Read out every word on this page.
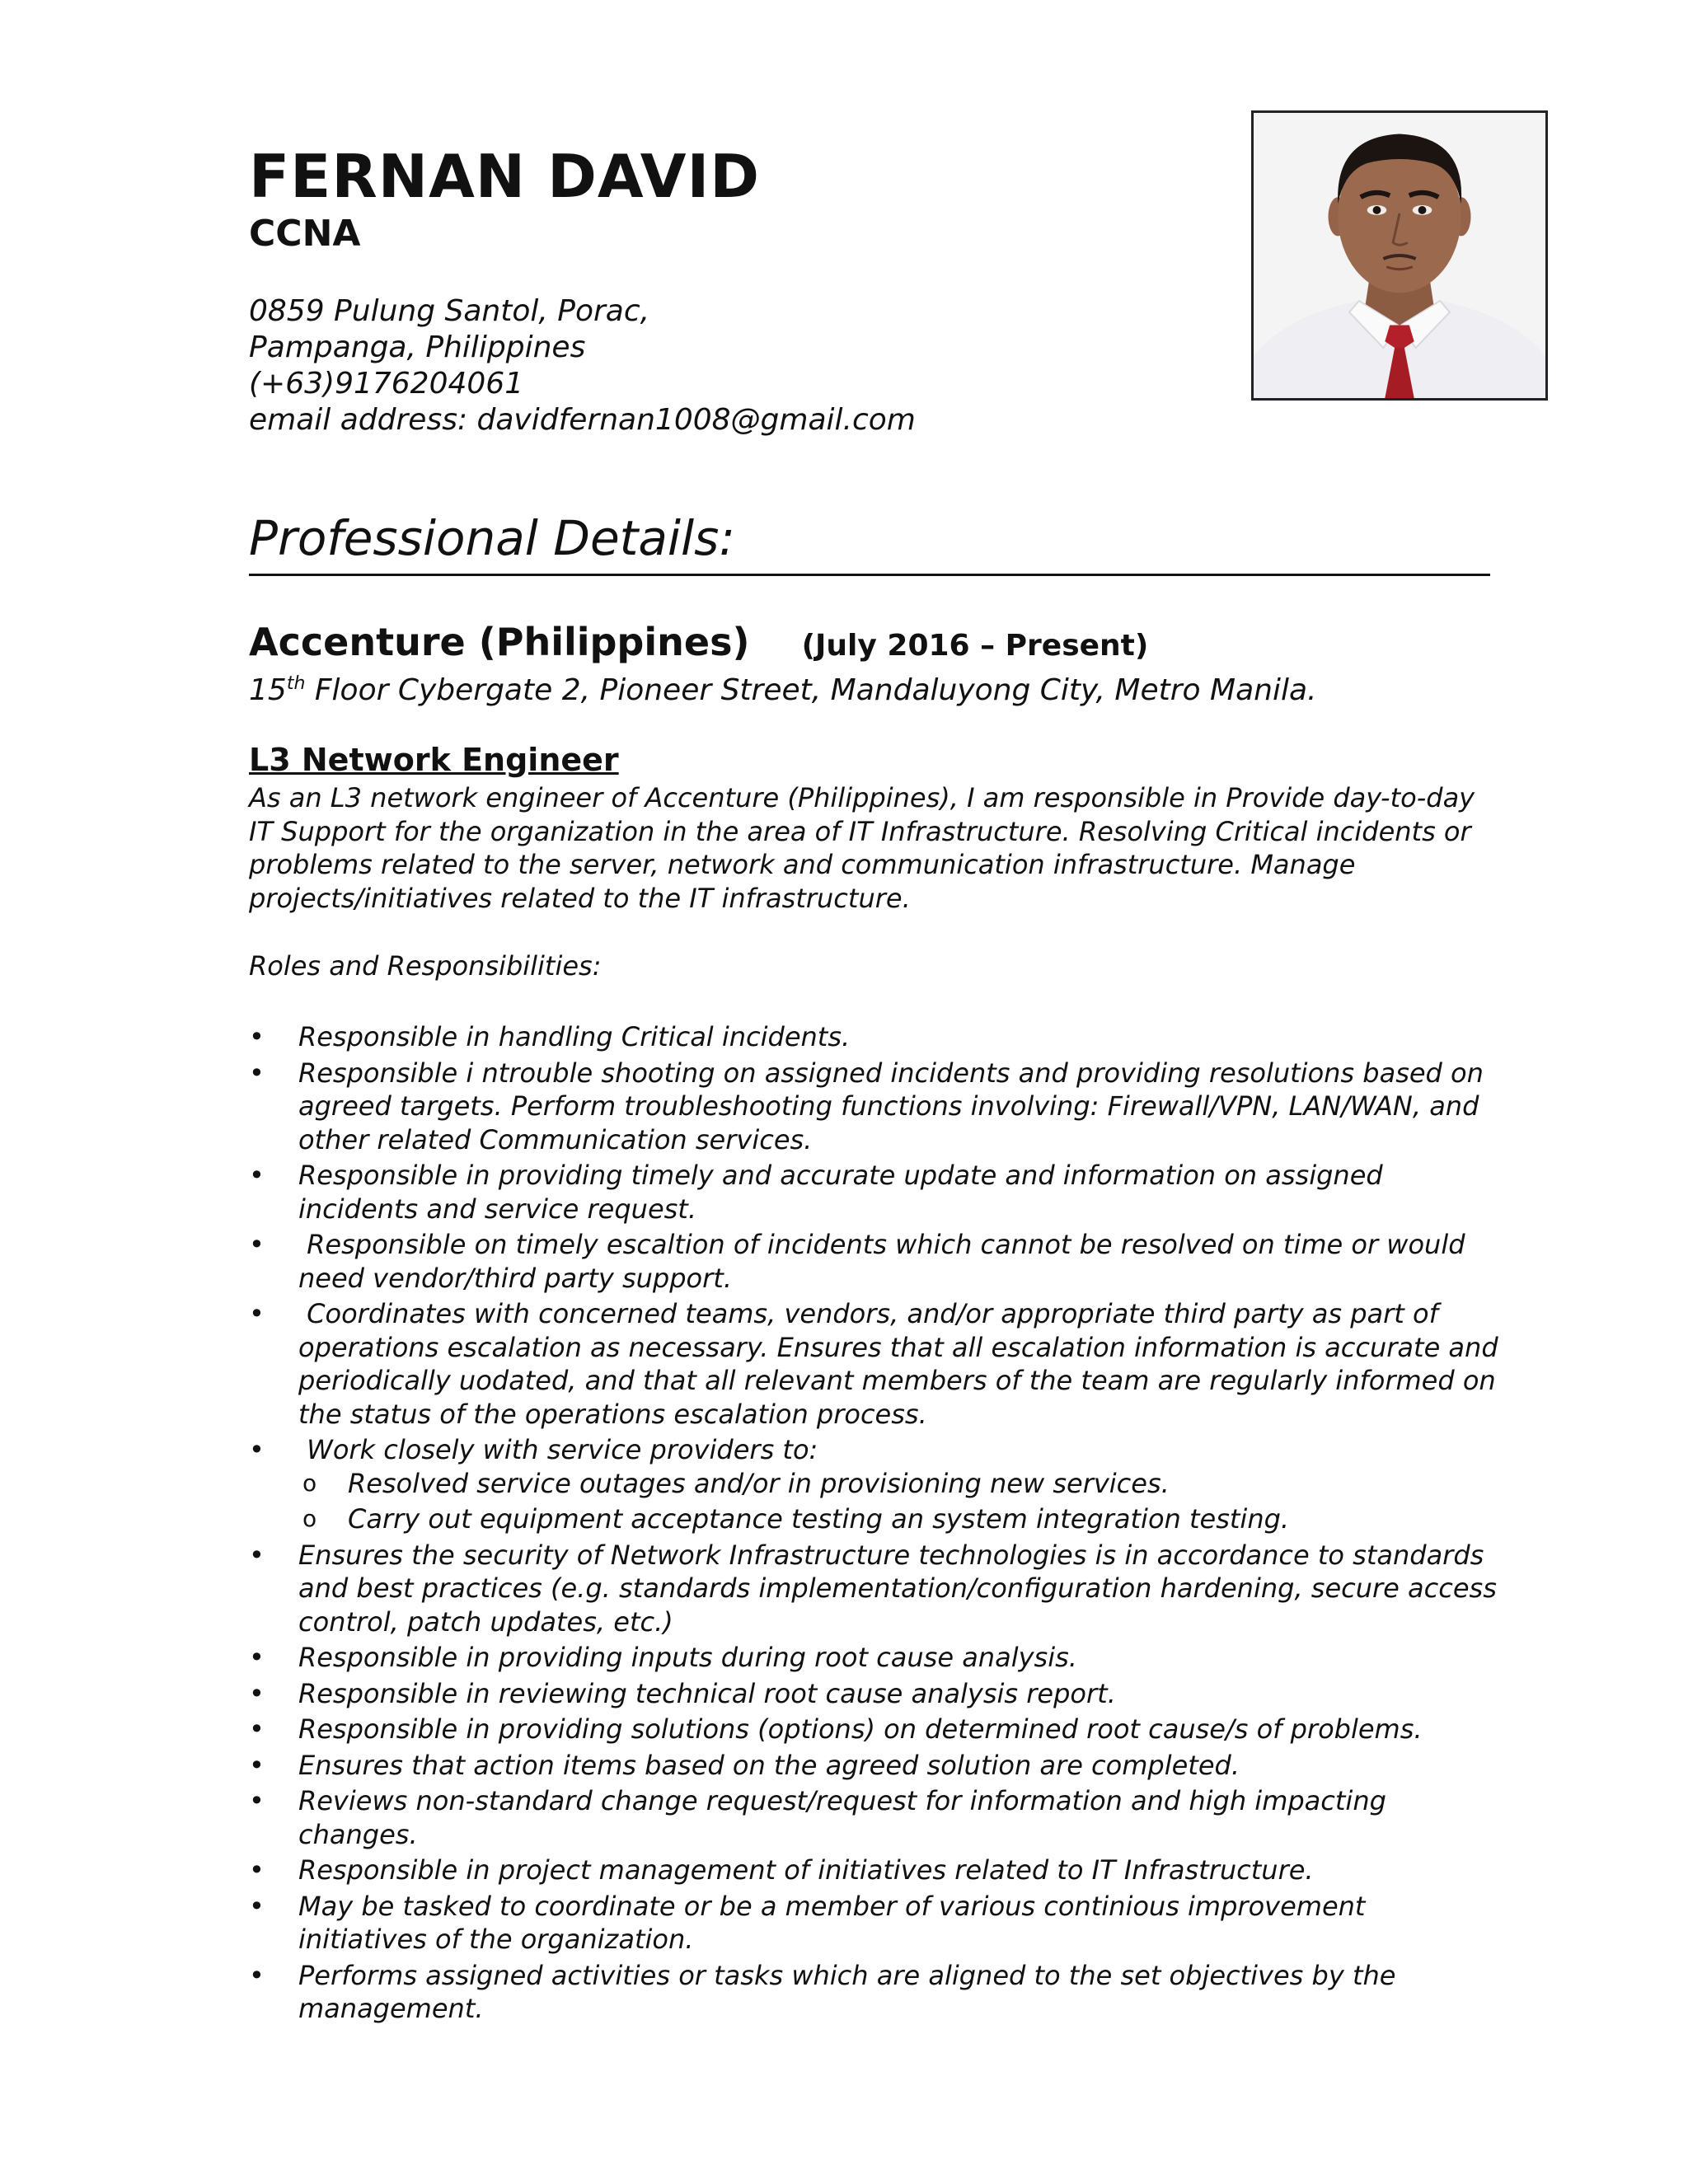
FERNAN DAVID
CCNA
0859 Pulung Santol, Porac,
Pampanga, Philippines
(+63)9176204061
email address: davidfernan1008@gmail.com
Professional Details:
Accenture (Philippines) (July 2016 – Present)
15th Floor Cybergate 2, Pioneer Street, Mandaluyong City, Metro Manila.
L3 Network Engineer

As an L3 network engineer of Accenture (Philippines), I am responsible in Provide day-to-day IT Support for the organization in the area of IT Infrastructure. Resolving Critical incidents or problems related to the server, network and communication infrastructure. Manage projects/initiatives related to the IT infrastructure.

Roles and Responsibilities:

• Responsible in handling Critical incidents.
• Responsible i ntrouble shooting on assigned incidents and providing resolutions based on agreed targets. Perform troubleshooting functions involving: Firewall/VPN, LAN/WAN, and other related Communication services.
• Responsible in providing timely and accurate update and information on assigned incidents and service request.
• Responsible on timely escaltion of incidents which cannot be resolved on time or would need vendor/third party support.
• Coordinates with concerned teams, vendors, and/or appropriate third party as part of operations escalation as necessary. Ensures that all escalation information is accurate and periodically uodated, and that all relevant members of the team are regularly informed on the status of the operations escalation process.
• Work closely with service providers to:
o Resolved service outages and/or in provisioning new services.
o Carry out equipment acceptance testing an system integration testing.
• Ensures the security of Network Infrastructure technologies is in accordance to standards and best practices (e.g. standards implementation/configuration hardening, secure access control, patch updates, etc.)
• Responsible in providing inputs during root cause analysis.
• Responsible in reviewing technical root cause analysis report.
• Responsible in providing solutions (options) on determined root cause/s of problems.
• Ensures that action items based on the agreed solution are completed.
• Reviews non-standard change request/request for information and high impacting changes.
• Responsible in project management of initiatives related to IT Infrastructure.
• May be tasked to coordinate or be a member of various continious improvement initiatives of the organization.
• Performs assigned activities or tasks which are aligned to the set objectives by the management.
